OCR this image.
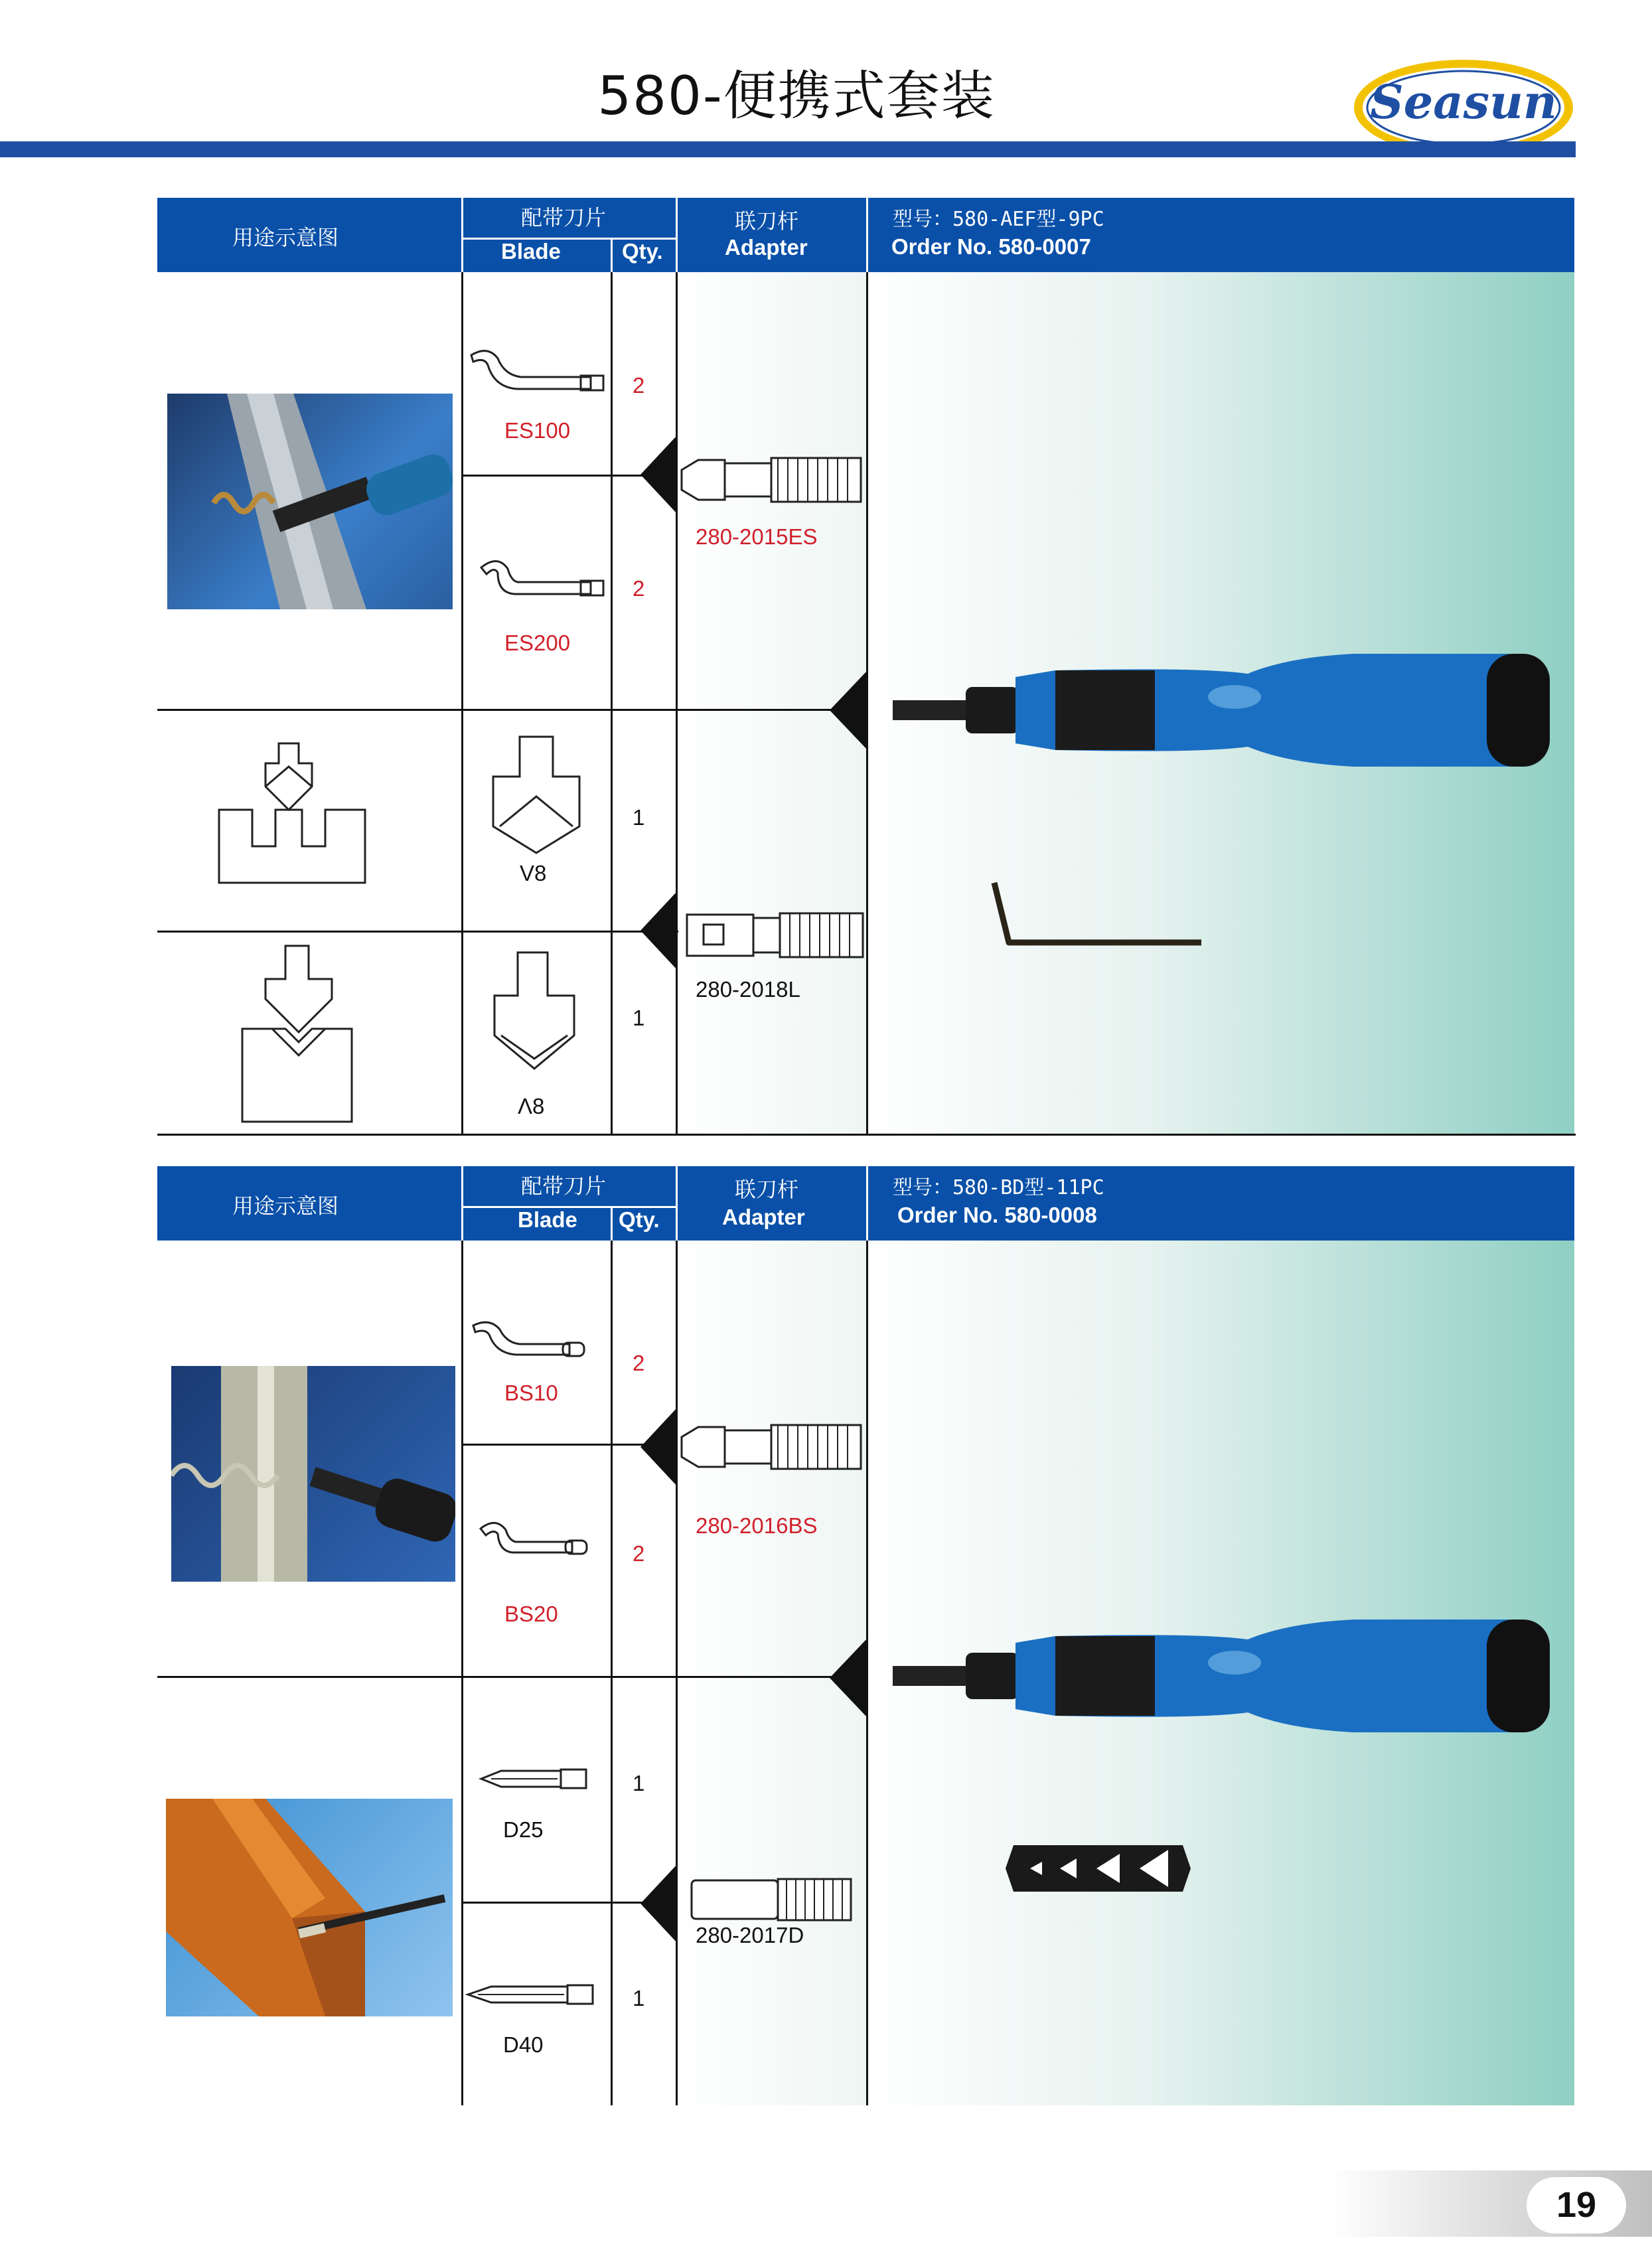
580-便携式套装	Seasun
用途示意图
配带刀片
Blade	Qty.
联刀杆
Adapter
型号：580-AEF型-9PC
Order No. 580-0007
ES100
2
ES200
2
280-2015ES
V8
1
Λ8
1
280-2018L
用途示意图
配带刀片
Blade Qty.
联刀杆
Adapter
型号：580-BD型-11PC
Order No. 580-0008
BS10
2
BS20
2
280-2016BS
D25
1
D40
1
280-2017D
19
